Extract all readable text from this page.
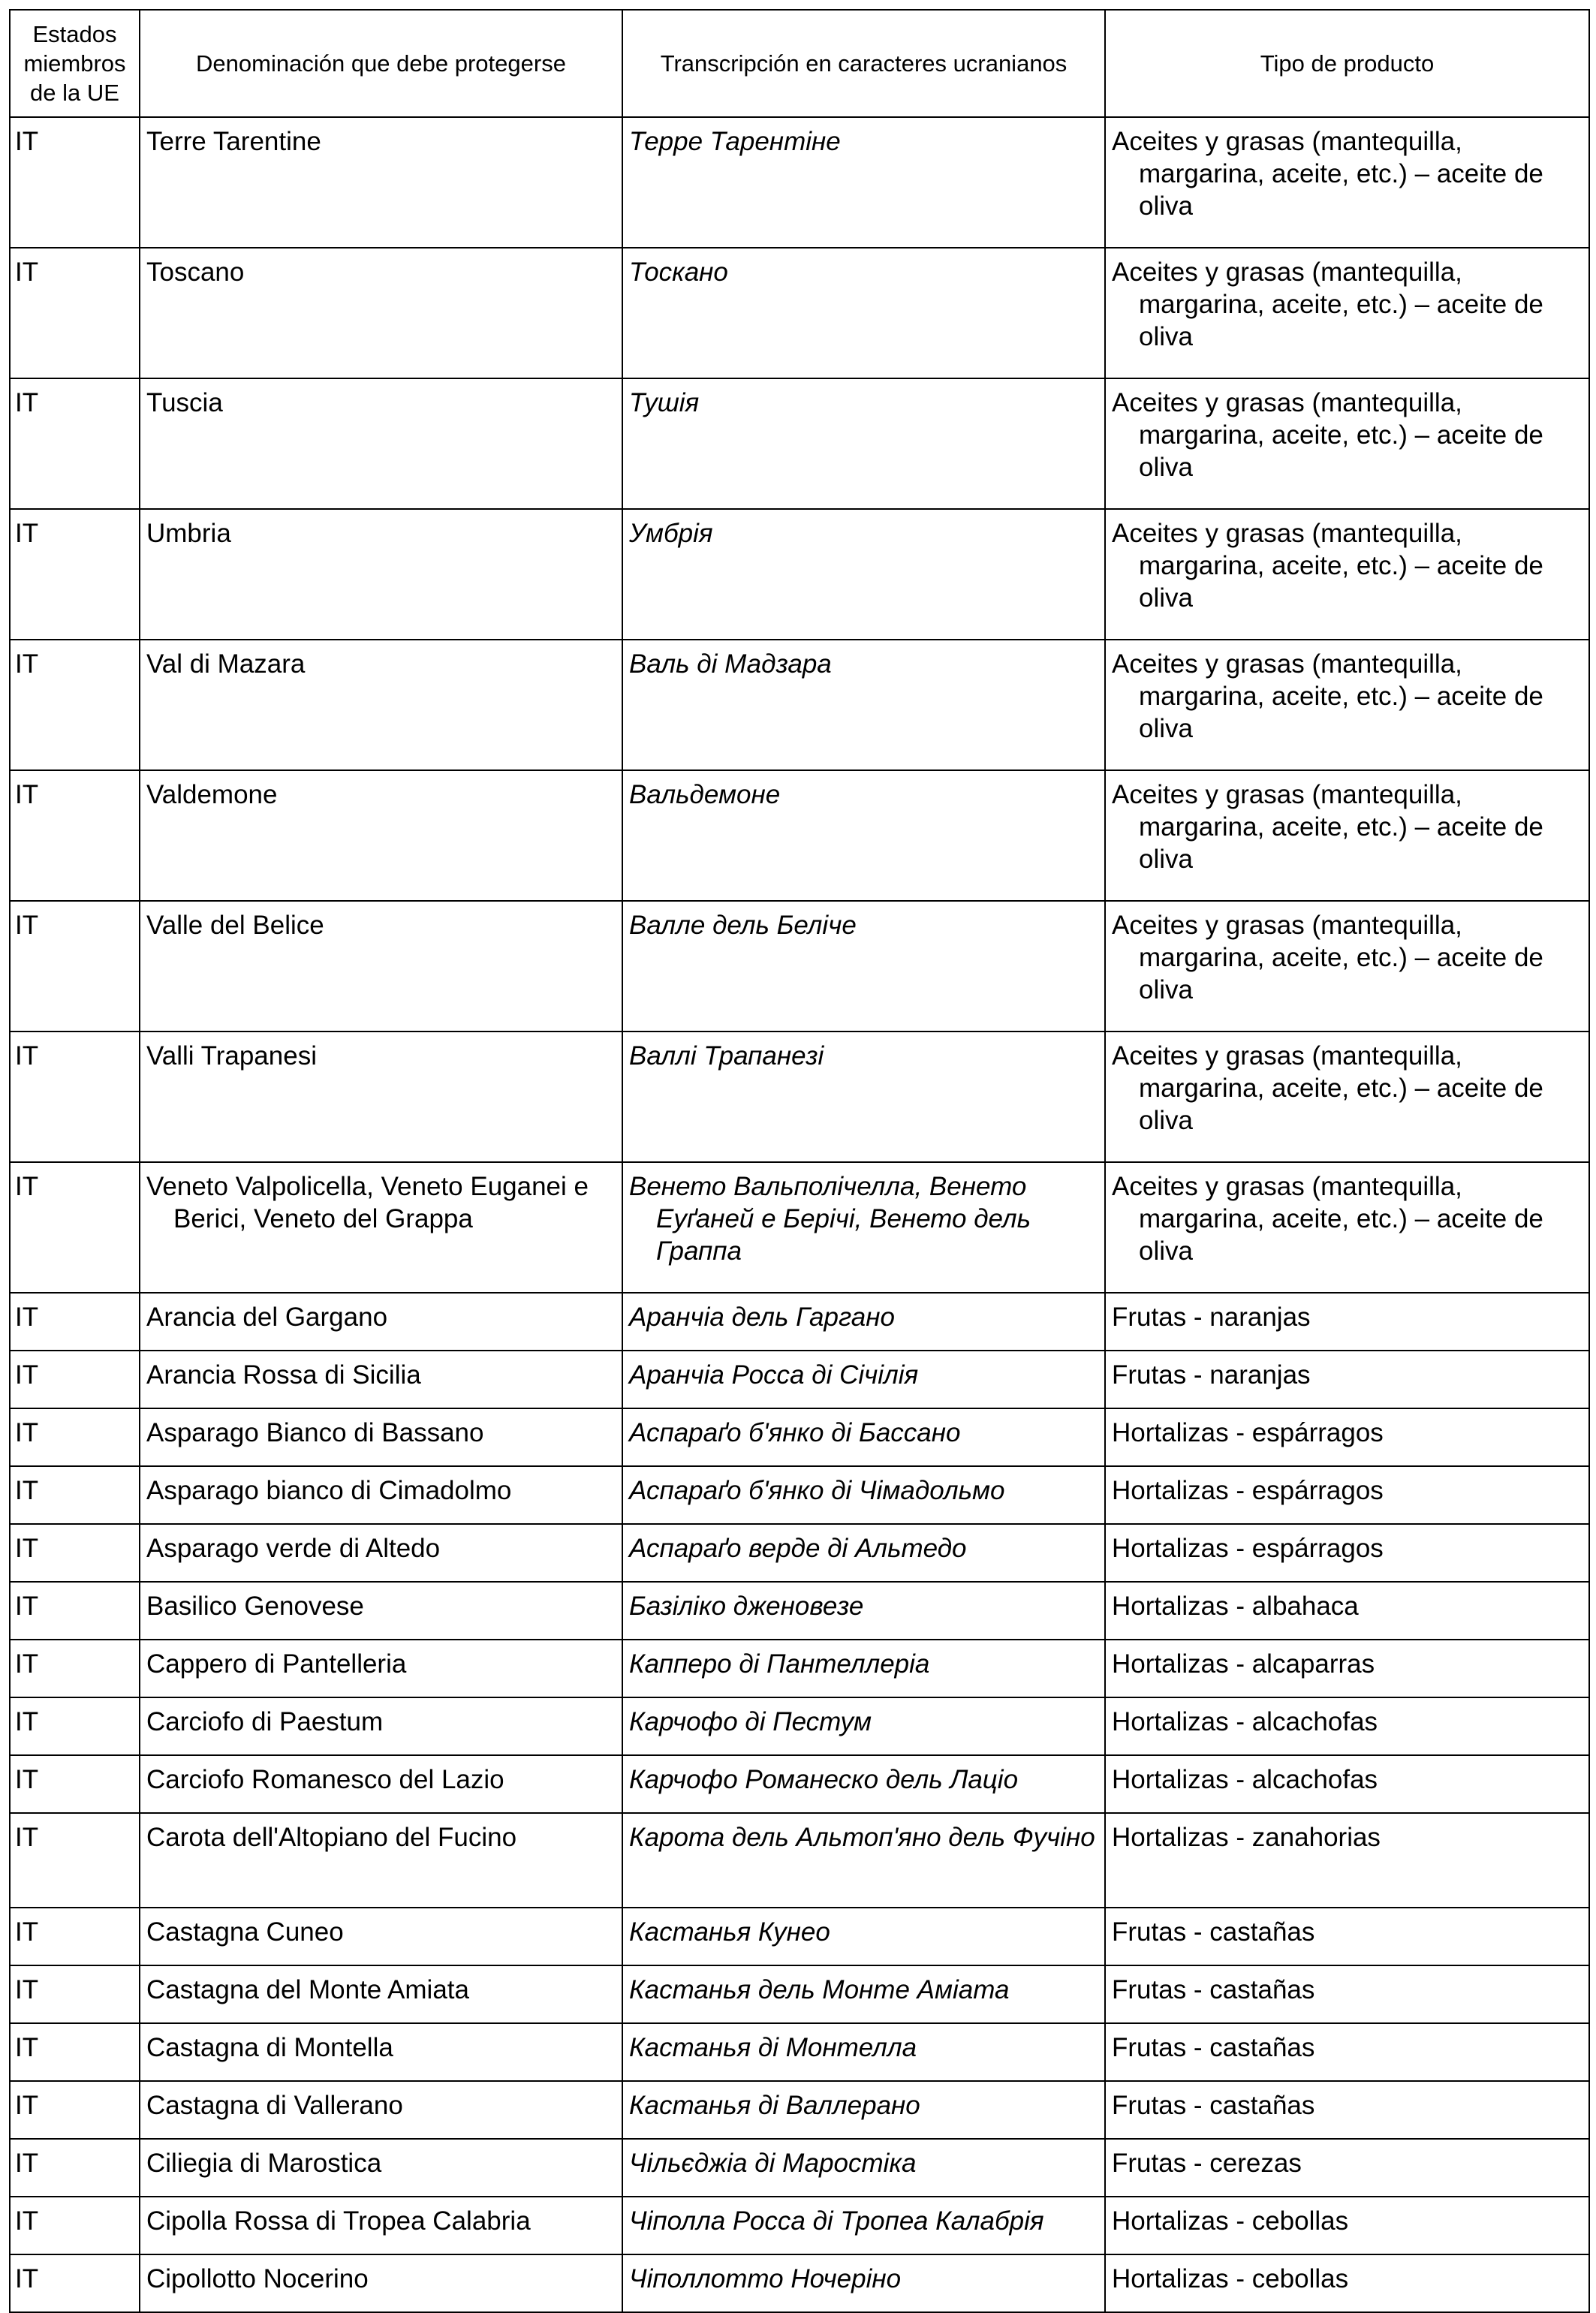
Estados miembros de la UE	Denominación que debe protegerse	Transcripción en caracteres ucranianos	Tipo de producto

IT	Terre Tarentine	Терре Тарентіне	Aceites y grasas (mantequilla, margarina, aceite, etc.) – aceite de oliva

IT	Toscano	Тоскано	Aceites y grasas (mantequilla, margarina, aceite, etc.) – aceite de oliva

IT	Tuscia	Тушія	Aceites y grasas (mantequilla, margarina, aceite, etc.) – aceite de oliva

IT	Umbria	Умбрія	Aceites y grasas (mantequilla, margarina, aceite, etc.) – aceite de oliva

IT	Val di Mazara	Валь ді Мадзара	Aceites y grasas (mantequilla, margarina, aceite, etc.) – aceite de oliva

IT	Valdemone	Вальдемоне	Aceites y grasas (mantequilla, margarina, aceite, etc.) – aceite de oliva

IT	Valle del Belice	Валле дель Беліче	Aceites y grasas (mantequilla, margarina, aceite, etc.) – aceite de oliva

IT	Valli Trapanesi	Валлі Трапанезі	Aceites y grasas (mantequilla, margarina, aceite, etc.) – aceite de oliva

IT	Veneto Valpolicella, Veneto Euganei e Berici, Veneto del Grappa	Венето Вальполічелла, Венето Еуґаней е Берічі, Венето дель Граппа	Aceites y grasas (mantequilla, margarina, aceite, etc.) – aceite de oliva

IT	Arancia del Gargano	Аранчіа дель Гаргано	Frutas - naranjas

IT	Arancia Rossa di Sicilia	Аранчіа Росса ді Січілія	Frutas - naranjas

IT	Asparago Bianco di Bassano	Аспараґо б'янко ді Бассано	Hortalizas - espárragos

IT	Asparago bianco di Cimadolmo	Аспараґо б'янко ді Чімадольмо	Hortalizas - espárragos

IT	Asparago verde di Altedo	Аспараґо верде ді Альтедо	Hortalizas - espárragos

IT	Basilico Genovese	Базіліко дженовезе	Hortalizas - albahaca

IT	Cappero di Pantelleria	Капперо ді Пантеллеріа	Hortalizas - alcaparras

IT	Carciofo di Paestum	Карчофо ді Пестум	Hortalizas - alcachofas

IT	Carciofo Romanesco del Lazio	Карчофо Романеско дель Лаціо	Hortalizas - alcachofas

IT	Carota dell'Altopiano del Fucino	Карота дель Альтоп'яно дель Фучіно	Hortalizas - zanahorias

IT	Castagna Cuneo	Кастанья Кунео	Frutas - castañas

IT	Castagna del Monte Amiata	Кастанья дель Монте Аміата	Frutas - castañas

IT	Castagna di Montella	Кастанья ді Монтелла	Frutas - castañas

IT	Castagna di Vallerano	Кастанья ді Валлерано	Frutas - castañas

IT	Ciliegia di Marostica	Чільєджіа ді Маростіка	Frutas - cerezas

IT	Cipolla Rossa di Tropea Calabria	Чіполла Росса ді Тропеа Калабрія	Hortalizas - cebollas

IT	Cipollotto Nocerino	Чіполлотто Ночеріно	Hortalizas - cebollas
